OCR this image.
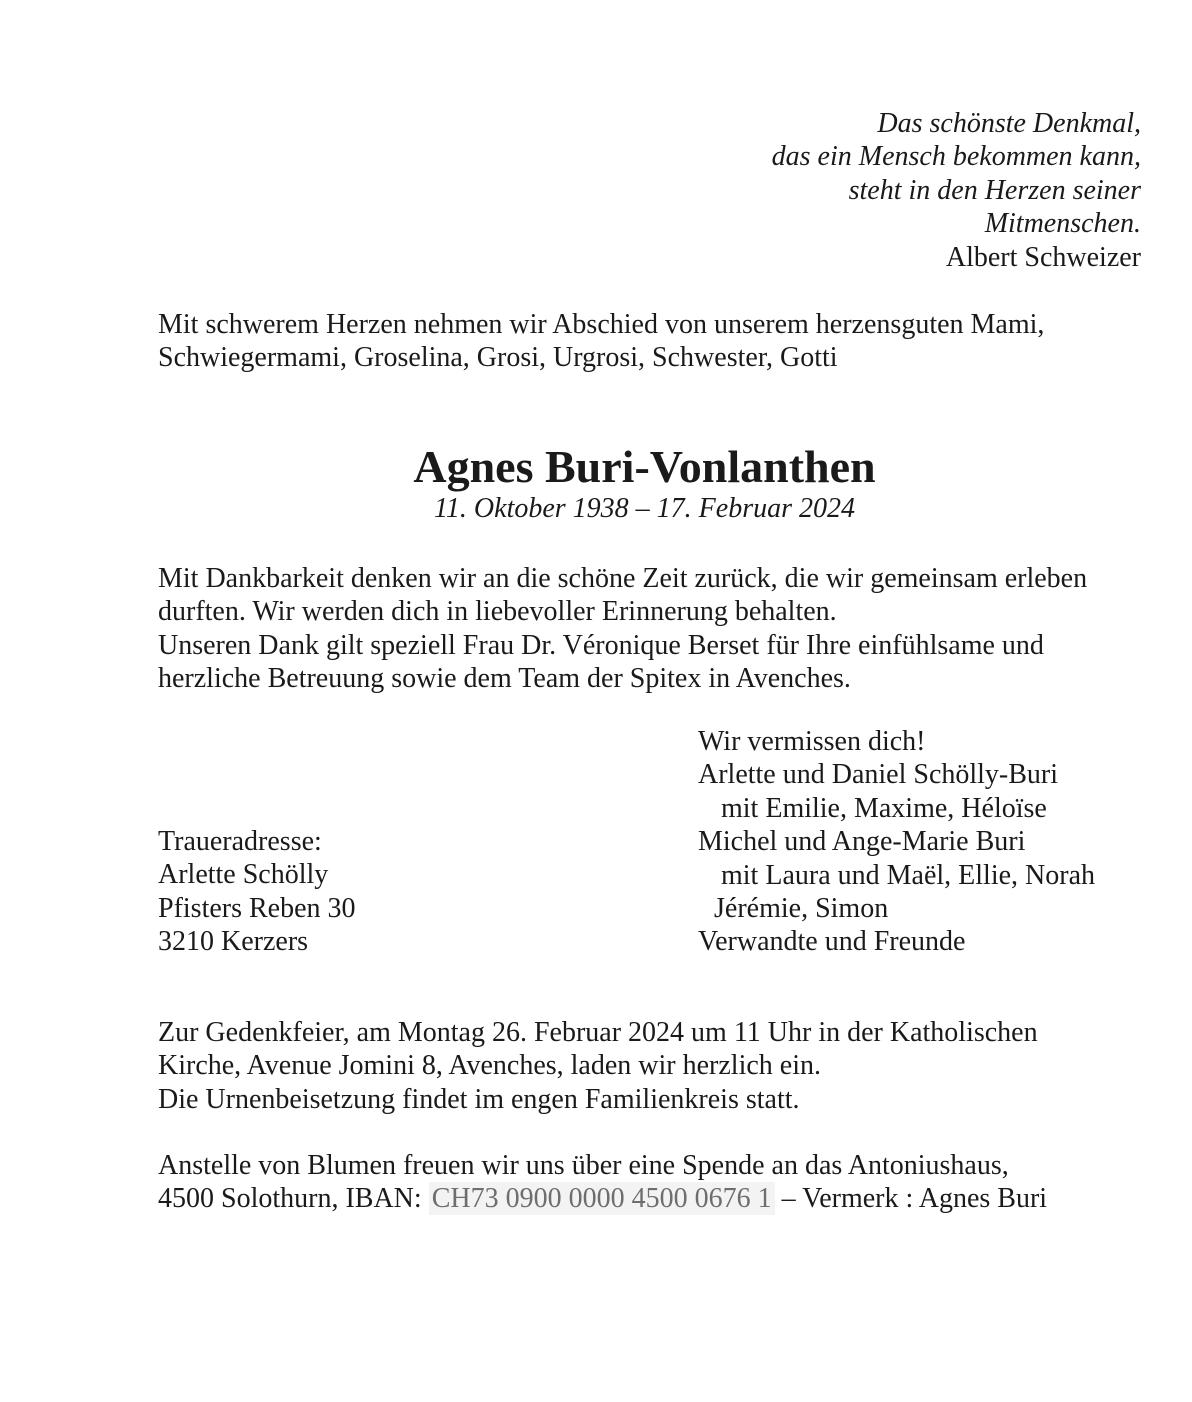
Das schönste Denkmal,
das ein Mensch bekommen kann,
steht in den Herzen seiner
Mitmenschen.
Albert Schweizer
Mit schwerem Herzen nehmen wir Abschied von unserem herzensguten Mami,
Schwiegermami, Groselina, Grosi, Urgrosi, Schwester, Gotti
Agnes Buri-Vonlanthen
11. Oktober 1938 – 17. Februar 2024
Mit Dankbarkeit denken wir an die schöne Zeit zurück, die wir gemeinsam erleben
durften. Wir werden dich in liebevoller Erinnerung behalten.
Unseren Dank gilt speziell Frau Dr. Véronique Berset für Ihre einfühlsame und
herzliche Betreuung sowie dem Team der Spitex in Avenches.
Wir vermissen dich!
Arlette und Daniel Schölly-Buri
mit Emilie, Maxime, Héloïse
Michel und Ange-Marie Buri
mit Laura und Maël, Ellie, Norah
Jérémie, Simon
Verwandte und Freunde
Traueradresse:
Arlette Schölly
Pfisters Reben 30
3210 Kerzers
Zur Gedenkfeier, am Montag 26. Februar 2024 um 11 Uhr in der Katholischen
Kirche, Avenue Jomini 8, Avenches, laden wir herzlich ein.
Die Urnenbeisetzung findet im engen Familienkreis statt.
Anstelle von Blumen freuen wir uns über eine Spende an das Antoniushaus,
4500 Solothurn, IBAN: CH73 0900 0000 4500 0676 1 – Vermerk : Agnes Buri
